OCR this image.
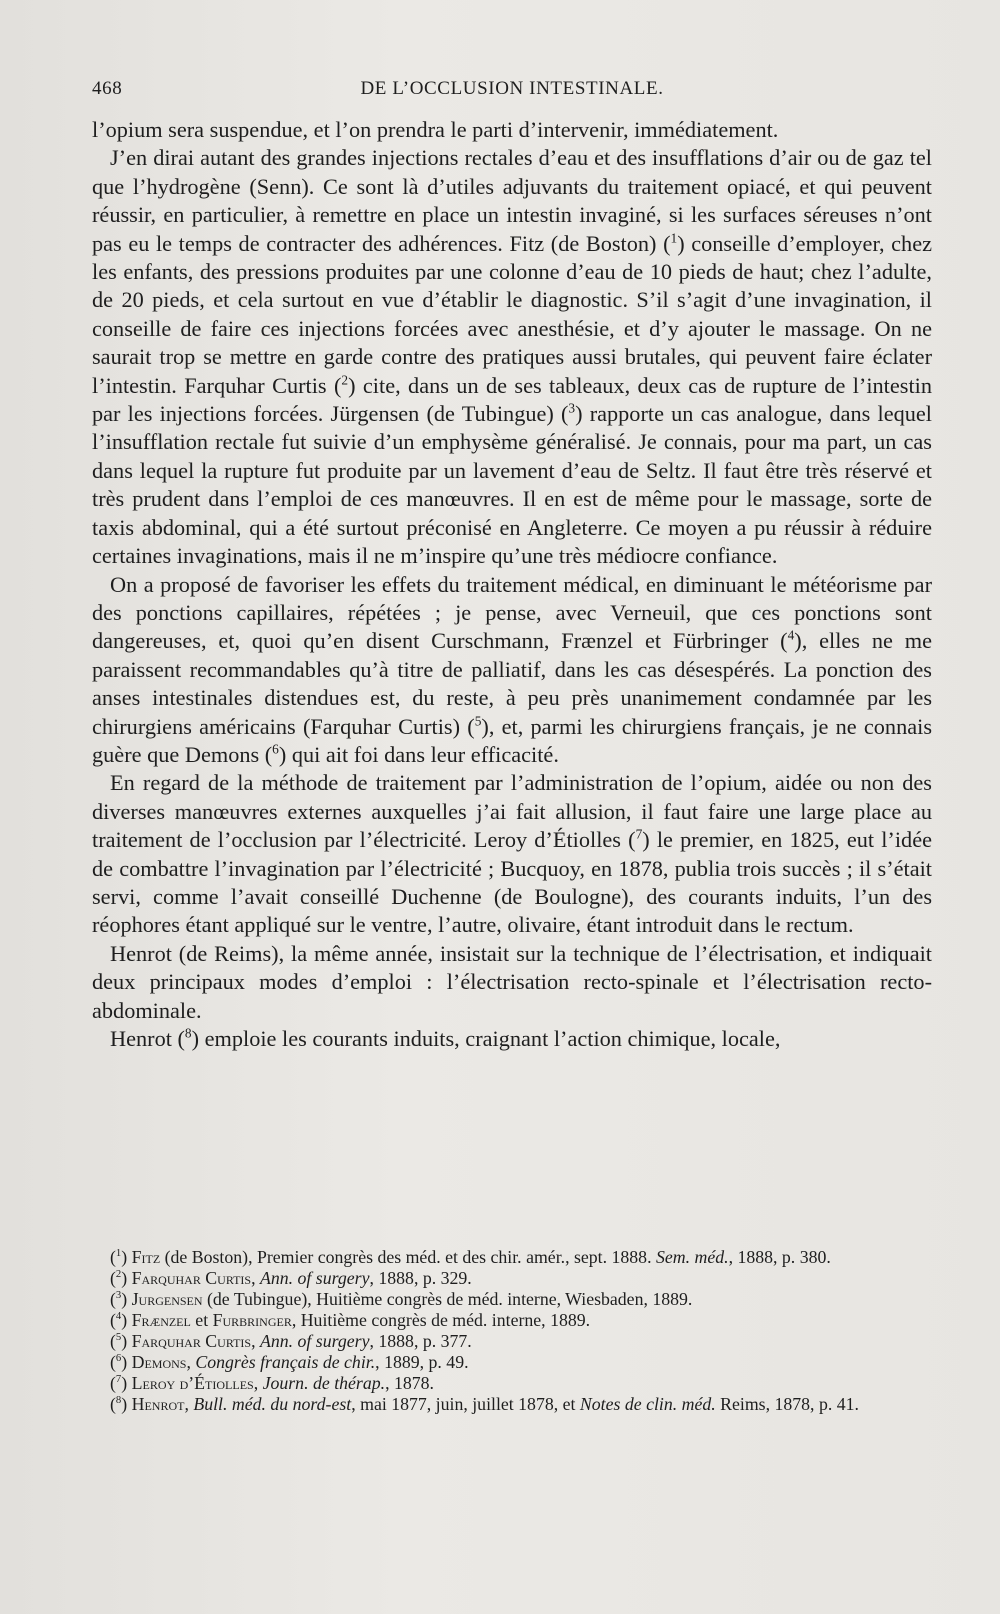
468	DE L’OCCLUSION INTESTINALE.

l’opium sera suspendue, et l’on prendra le parti d’intervenir, immédiatement.

J’en dirai autant des grandes injections rectales d’eau et des insufflations d’air ou de gaz tel que l’hydrogène (Senn). Ce sont là d’utiles adjuvants du traitement opiacé, et qui peuvent réussir, en particulier, à remettre en place un intestin invaginé, si les surfaces séreuses n’ont pas eu le temps de contracter des adhérences. Fitz (de Boston) ($^1$) conseille d’employer, chez les enfants, des pressions produites par une colonne d’eau de 10 pieds de haut; chez l’adulte, de 20 pieds, et cela surtout en vue d’établir le diagnostic. S’il s’agit d’une invagination, il conseille de faire ces injections forcées avec anesthésie, et d’y ajouter le massage. On ne saurait trop se mettre en garde contre des pratiques aussi brutales, qui peuvent faire éclater l’intestin. Farquhar Curtis ($^2$) cite, dans un de ses tableaux, deux cas de rupture de l’intestin par les injections forcées. Jürgensen (de Tubingue) ($^3$) rapporte un cas analogue, dans lequel l’insufflation rectale fut suivie d’un emphysème généralisé. Je connais, pour ma part, un cas dans lequel la rupture fut produite par un lavement d’eau de Seltz. Il faut être très réservé et très prudent dans l’emploi de ces manœuvres. Il en est de même pour le massage, sorte de taxis abdominal, qui a été surtout préconisé en Angleterre. Ce moyen a pu réussir à réduire certaines invaginations, mais il ne m’inspire qu’une très médiocre confiance.

On a proposé de favoriser les effets du traitement médical, en diminuant le météorisme par des ponctions capillaires, répétées ; je pense, avec Verneuil, que ces ponctions sont dangereuses, et, quoi qu’en disent Curschmann, Frænzel et Fürbringer ($^4$), elles ne me paraissent recommandables qu’à titre de palliatif, dans les cas désespérés. La ponction des anses intestinales distendues est, du reste, à peu près unanimement condamnée par les chirurgiens américains (Farquhar Curtis) ($^5$), et, parmi les chirurgiens français, je ne connais guère que Demons ($^6$) qui ait foi dans leur efficacité.

En regard de la méthode de traitement par l’administration de l’opium, aidée ou non des diverses manœuvres externes auxquelles j’ai fait allusion, il faut faire une large place au traitement de l’occlusion par l’électricité. Leroy d’Étiolles ($^7$) le premier, en 1825, eut l’idée de combattre l’invagination par l’électricité ; Bucquoy, en 1878, publia trois succès ; il s’était servi, comme l’avait conseillé Duchenne (de Boulogne), des courants induits, l’un des réophores étant appliqué sur le ventre, l’autre, olivaire, étant introduit dans le rectum.

Henrot (de Reims), la même année, insistait sur la technique de l’électrisation, et indiquait deux principaux modes d’emploi : l’électrisation recto-spinale et l’électrisation recto-abdominale.

Henrot ($^8$) emploie les courants induits, craignant l’action chimique, locale,

($^1$) Fitz (de Boston), Premier congrès des méd. et des chir. amér., sept. 1888. Sem. méd., 1888, p. 380.

($^2$) Farquhar Curtis, Ann. of surgery, 1888, p. 329.

($^3$) Jurgensen (de Tubingue), Huitième congrès de méd. interne, Wiesbaden, 1889.

($^4$) Frænzel et Furbringer, Huitième congrès de méd. interne, 1889.

($^5$) Farquhar Curtis, Ann. of surgery, 1888, p. 377.

($^6$) Demons, Congrès français de chir., 1889, p. 49.

($^7$) Leroy d’Étiolles, Journ. de thérap., 1878.

($^8$) Henrot, Bull. méd. du nord-est, mai 1877, juin, juillet 1878, et Notes de clin. méd. Reims, 1878, p. 41.
